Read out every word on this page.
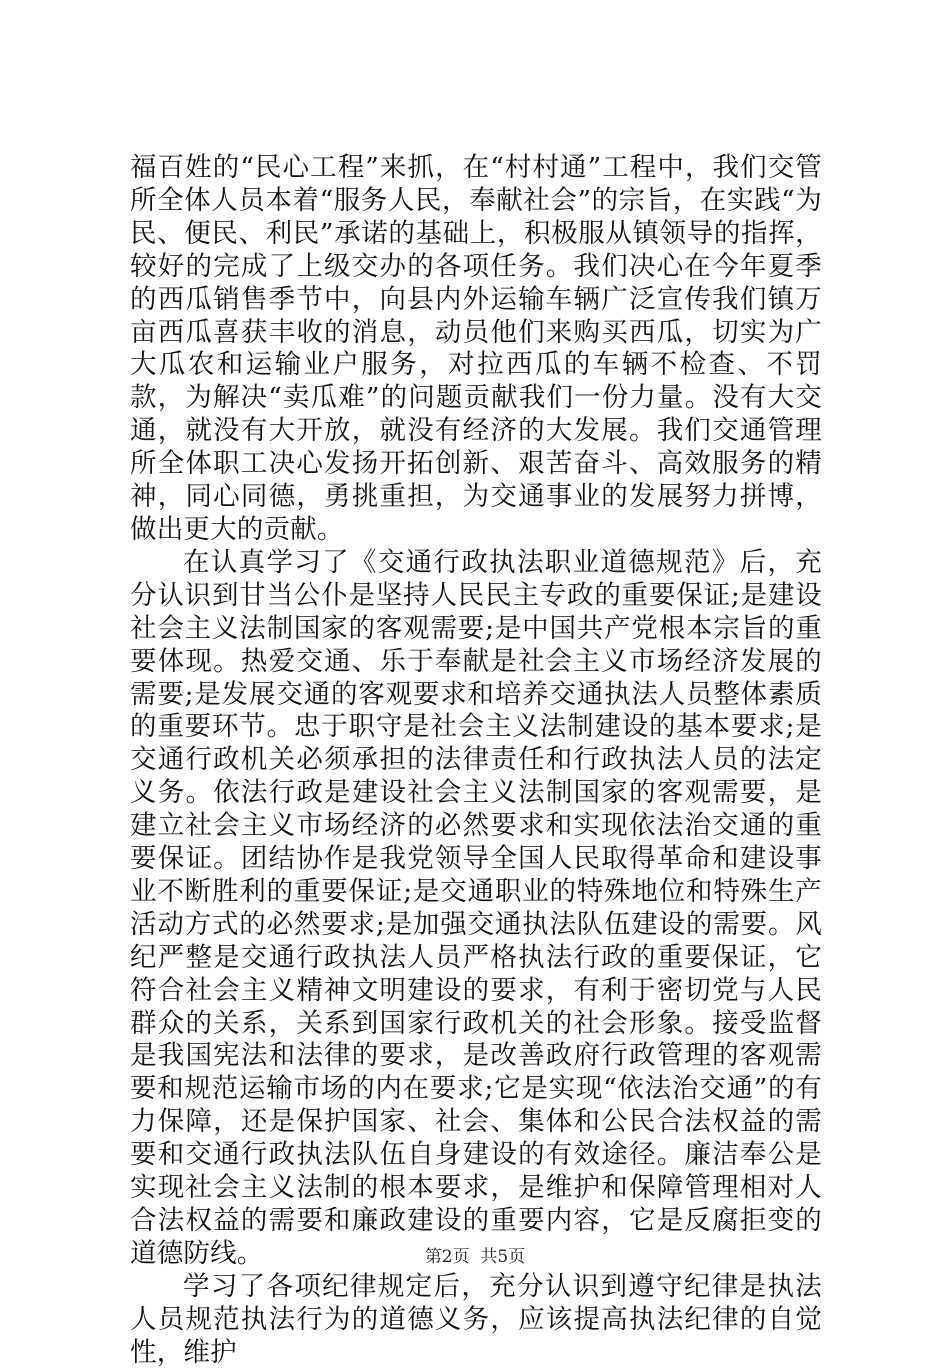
福百姓的“民心工程”来抓，在“村村通”工程中，我们交管所全体人员本着“服务人民，奉献社会”的宗旨，在实践“为民、便民、利民”承诺的基础上，积极服从镇领导的指挥，较好的完成了上级交办的各项任务。我们决心在今年夏季的西瓜销售季节中，向县内外运输车辆广泛宣传我们镇万亩西瓜喜获丰收的消息，动员他们来购买西瓜，切实为广大瓜农和运输业户服务，对拉西瓜的车辆不检查、不罚款，为解决“卖瓜难”的问题贡献我们一份力量。没有大交通，就没有大开放，就没有经济的大发展。我们交通管理所全体职工决心发扬开拓创新、艰苦奋斗、高效服务的精神，同心同德，勇挑重担，为交通事业的发展努力拼博，做出更大的贡献。

在认真学习了《交通行政执法职业道德规范》后，充分认识到甘当公仆是坚持人民民主专政的重要保证;是建设社会主义法制国家的客观需要;是中国共产党根本宗旨的重要体现。热爱交通、乐于奉献是社会主义市场经济发展的需要;是发展交通的客观要求和培养交通执法人员整体素质的重要环节。忠于职守是社会主义法制建设的基本要求;是交通行政机关必须承担的法律责任和行政执法人员的法定义务。依法行政是建设社会主义法制国家的客观需要，是建立社会主义市场经济的必然要求和实现依法治交通的重要保证。团结协作是我党领导全国人民取得革命和建设事业不断胜利的重要保证;是交通职业的特殊地位和特殊生产活动方式的必然要求;是加强交通执法队伍建设的需要。风纪严整是交通行政执法人员严格执法行政的重要保证，它符合社会主义精神文明建设的要求，有利于密切党与人民群众的关系，关系到国家行政机关的社会形象。接受监督是我国宪法和法律的要求，是改善政府行政管理的客观需要和规范运输市场的内在要求;它是实现“依法治交通”的有力保障，还是保护国家、社会、集体和公民合法权益的需要和交通行政执法队伍自身建设的有效途径。廉洁奉公是实现社会主义法制的根本要求，是维护和保障管理相对人合法权益的需要和廉政建设的重要内容，它是反腐拒变的道德防线。

学习了各项纪律规定后，充分认识到遵守纪律是执法人员规范执法行为的道德义务，应该提高执法纪律的自觉性，维护

第2页  共5页
